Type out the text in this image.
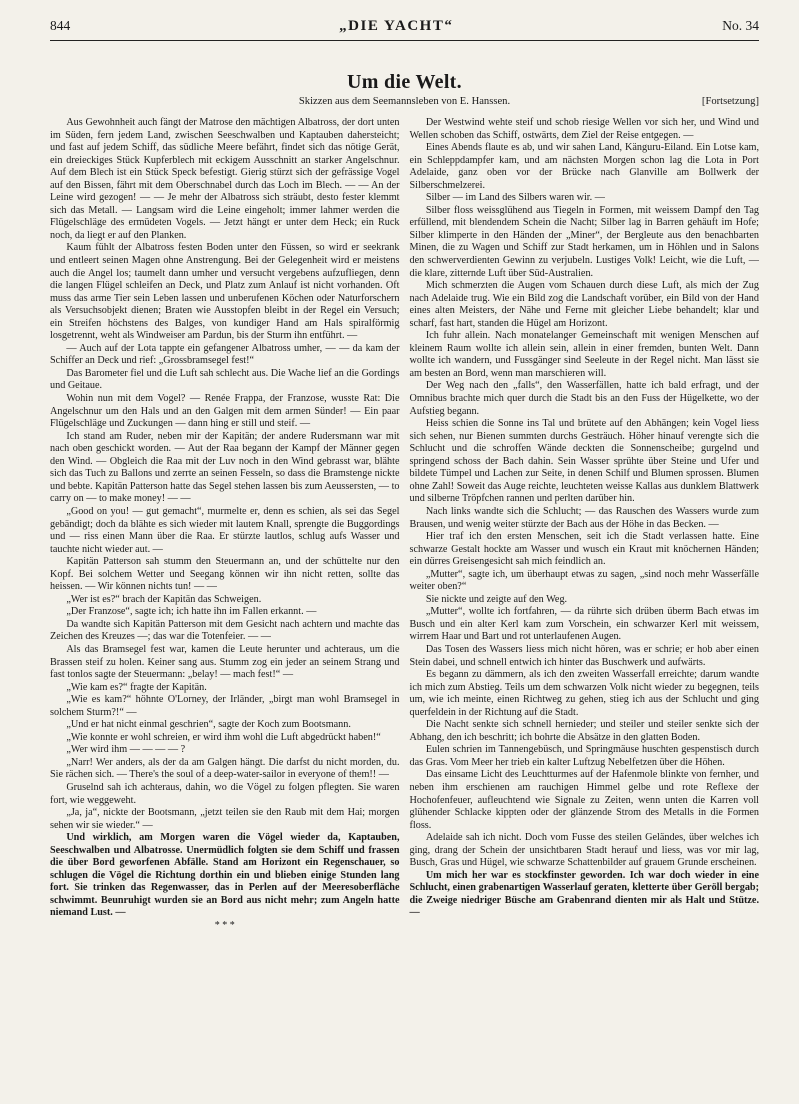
844	„DIE YACHT“	No. 34
Um die Welt.
Skizzen aus dem Seemannsleben von E. Hanssen.	[Fortsetzung]

Aus Gewohnheit auch fängt der Matrose den mächtigen Albatross, der dort unten im Süden, fern jedem Land, zwischen Seeschwalben und Kaptauben dahersteicht; und fast auf jedem Schiff, das südliche Meere befährt, findet sich das nötige Gerät, ein dreieckiges Stück Kupferblech mit eckigem Ausschnitt an starker Angelschnur. Auf dem Blech ist ein Stück Speck befestigt. Gierig stürzt sich der gefrässige Vogel auf den Bissen, fährt mit dem Oberschnabel durch das Loch im Blech. — — An der Leine wird gezogen! — — Je mehr der Albatross sich sträubt, desto fester klemmt sich das Metall. — Langsam wird die Leine eingeholt; immer lahmer werden die Flügelschläge des ermüdeten Vogels. — Jetzt hängt er unter dem Heck; ein Ruck noch, da liegt er auf den Planken.

Kaum fühlt der Albatross festen Boden unter den Füssen, so wird er seekrank und entleert seinen Magen ohne Anstrengung. Bei der Gelegenheit wird er meistens auch die Angel los; taumelt dann umher und versucht vergebens aufzufliegen, denn die langen Flügel schleifen an Deck, und Platz zum Anlauf ist nicht vorhanden. Oft muss das arme Tier sein Leben lassen und unberufenen Köchen oder Naturforschern als Versuchsobjekt dienen; Braten wie Ausstopfen bleibt in der Regel ein Versuch; ein Streifen höchstens des Balges, von kundiger Hand am Hals spiralförmig losgetrennt, weht als Windweiser am Pardun, bis der Sturm ihn entführt. —

— Auch auf der Lota tappte ein gefangener Albatross umher, — — da kam der Schiffer an Deck und rief: „Grossbramsegel fest!“

Das Barometer fiel und die Luft sah schlecht aus. Die Wache lief an die Gordings und Geitaue.

Wohin nun mit dem Vogel? — Renée Frappa, der Franzose, wusste Rat: Die Angelschnur um den Hals und an den Galgen mit dem armen Sünder! — Ein paar Flügelschläge und Zuckungen — dann hing er still und steif. —

Ich stand am Ruder, neben mir der Kapitän; der andere Rudersmann war mit nach oben geschickt worden. — Aut der Raa begann der Kampf der Männer gegen den Wind. — Obgleich die Raa mit der Luv noch in den Wind gebrasst war, blähte sich das Tuch zu Ballons und zerrte an seinen Fesseln, so dass die Bramstenge nickte und bebte. Kapitän Patterson hatte das Segel stehen lassen bis zum Aeussersten, — to carry on — to make money! — —

„Good on you! — gut gemacht“, murmelte er, denn es schien, als sei das Segel gebändigt; doch da blähte es sich wieder mit lautem Knall, sprengte die Buggordings und — riss einen Mann über die Raa. Er stürzte lautlos, schlug aufs Wasser und tauchte nicht wieder aut. —

Kapitän Patterson sah stumm den Steuermann an, und der schüttelte nur den Kopf. Bei solchem Wetter und Seegang können wir ihn nicht retten, sollte das heissen. — Wir können nichts tun! — —

„Wer ist es?“ brach der Kapitän das Schweigen.

„Der Franzose“, sagte ich; ich hatte ihn im Fallen erkannt. —

Da wandte sich Kapitän Patterson mit dem Gesicht nach achtern und machte das Zeichen des Kreuzes —; das war die Totenfeier. — —

Als das Bramsegel fest war, kamen die Leute herunter und achteraus, um die Brassen steif zu holen. Keiner sang aus. Stumm zog ein jeder an seinem Strang und fast tonlos sagte der Steuermann: „belay! — mach fest!“ —

„Wie kam es?“ fragte der Kapitän.

„Wie es kam?“ höhnte O'Lorney, der Irländer, „birgt man wohl Bramsegel in solchem Sturm?!“ —

„Und er hat nicht einmal geschrien“, sagte der Koch zum Bootsmann.

„Wie konnte er wohl schreien, er wird ihm wohl die Luft abgedrückt haben!“

„Wer wird ihm — — — — ?

„Narr! Wer anders, als der da am Galgen hängt. Die darfst du nicht morden, du. Sie rächen sich. — There's the soul of a deep-water-sailor in everyone of them!! —

Gruselnd sah ich achteraus, dahin, wo die Vögel zu folgen pflegten. Sie waren fort, wie weggeweht.

„Ja, ja“, nickte der Bootsmann, „jetzt teilen sie den Raub mit dem Hai; morgen sehen wir sie wieder.“ —

Und wirklich, am Morgen waren die Vögel wieder da, Kaptauben, Seeschwalben und Albatrosse. Unermüdlich folgten sie dem Schiff und frassen die über Bord geworfenen Abfälle. Stand am Horizont ein Regenschauer, so schlugen die Vögel die Richtung dorthin ein und blieben einige Stunden lang fort. Sie trinken das Regenwasser, das in Perlen auf der Meeresoberfläche schwimmt. Beunruhigt wurden sie an Bord aus nicht mehr; zum Angeln hatte niemand Lust. —

* * *

Der Westwind wehte steif und schob riesige Wellen vor sich her, und Wind und Wellen schoben das Schiff, ostwärts, dem Ziel der Reise entgegen. —

Eines Abends flaute es ab, und wir sahen Land, Känguru-Eiland. Ein Lotse kam, ein Schleppdampfer kam, und am nächsten Morgen schon lag die Lota in Port Adelaide, ganz oben vor der Brücke nach Glanville am Bollwerk der Silberschmelzerei.

Silber — im Land des Silbers waren wir. —

Silber floss weissglühend aus Tiegeln in Formen, mit weissem Dampf den Tag erfüllend, mit blendendem Schein die Nacht; Silber lag in Barren gehäuft im Hofe; Silber klimperte in den Händen der „Miner“, der Bergleute aus den benachbarten Minen, die zu Wagen und Schiff zur Stadt herkamen, um in Höhlen und in Salons den schwerverdienten Gewinn zu verjubeln. Lustiges Volk! Leicht, wie die Luft, — die klare, zitternde Luft über Süd-Australien.

Mich schmerzten die Augen vom Schauen durch diese Luft, als mich der Zug nach Adelaide trug. Wie ein Bild zog die Landschaft vorüber, ein Bild von der Hand eines alten Meisters, der Nähe und Ferne mit gleicher Liebe behandelt; klar und scharf, fast hart, standen die Hügel am Horizont.

Ich fuhr allein. Nach monatelanger Gemeinschaft mit wenigen Menschen auf kleinem Raum wollte ich allein sein, allein in einer fremden, bunten Welt. Dann wollte ich wandern, und Fussgänger sind Seeleute in der Regel nicht. Man lässt sie am besten an Bord, wenn man marschieren will.

Der Weg nach den „falls“, den Wasserfällen, hatte ich bald erfragt, und der Omnibus brachte mich quer durch die Stadt bis an den Fuss der Hügelkette, wo der Aufstieg begann.

Heiss schien die Sonne ins Tal und brütete auf den Abhängen; kein Vogel liess sich sehen, nur Bienen summten durchs Gesträuch. Höher hinauf verengte sich die Schlucht und die schroffen Wände deckten die Sonnenscheibe; gurgelnd und springend schoss der Bach dahin. Sein Wasser sprühte über Steine und Ufer und bildete Tümpel und Lachen zur Seite, in denen Schilf und Blumen sprossen. Blumen ohne Zahl! Soweit das Auge reichte, leuchteten weisse Kallas aus dunklem Blattwerk und silberne Tröpfchen rannen und perlten darüber hin.

Nach links wandte sich die Schlucht; — das Rauschen des Wassers wurde zum Brausen, und wenig weiter stürzte der Bach aus der Höhe in das Becken. —

Hier traf ich den ersten Menschen, seit ich die Stadt verlassen hatte. Eine schwarze Gestalt hockte am Wasser und wusch ein Kraut mit knöchernen Händen; ein dürres Greisengesicht sah mich feindlich an.

„Mutter“, sagte ich, um überhaupt etwas zu sagen, „sind noch mehr Wasserfälle weiter oben?“

Sie nickte und zeigte auf den Weg.

„Mutter“, wollte ich fortfahren, — da rührte sich drüben überm Bach etwas im Busch und ein alter Kerl kam zum Vorschein, ein schwarzer Kerl mit weissem, wirrem Haar und Bart und rot unterlaufenen Augen.

Das Tosen des Wassers liess mich nicht hören, was er schrie; er hob aber einen Stein dabei, und schnell entwich ich hinter das Buschwerk und aufwärts.

Es begann zu dämmern, als ich den zweiten Wasserfall erreichte; darum wandte ich mich zum Abstieg. Teils um dem schwarzen Volk nicht wieder zu begegnen, teils um, wie ich meinte, einen Richtweg zu gehen, stieg ich aus der Schlucht und ging querfeldein in der Richtung auf die Stadt.

Die Nacht senkte sich schnell hernieder; und steiler und steiler senkte sich der Abhang, den ich beschritt; ich bohrte die Absätze in den glatten Boden.

Eulen schrien im Tannengebüsch, und Springmäuse huschten gespenstisch durch das Gras. Vom Meer her trieb ein kalter Luftzug Nebelfetzen über die Höhen.

Das einsame Licht des Leuchtturmes auf der Hafenmole blinkte von fernher, und neben ihm erschienen am rauchigen Himmel gelbe und rote Reflexe der Hochofenfeuer, aufleuchtend wie Signale zu Zeiten, wenn unten die Karren voll glühender Schlacke kippten oder der glänzende Strom des Metalls in die Formen floss.

Adelaide sah ich nicht. Doch vom Fusse des steilen Geländes, über welches ich ging, drang der Schein der unsichtbaren Stadt herauf und liess, was vor mir lag, Busch, Gras und Hügel, wie schwarze Schattenbilder auf grauem Grunde erscheinen.

Um mich her war es stockfinster geworden. Ich war doch wieder in eine Schlucht, einen grabenartigen Wasserlauf geraten, kletterte über Geröll bergab; die Zweige niedriger Büsche am Grabenrand dienten mir als Halt und Stütze. —
